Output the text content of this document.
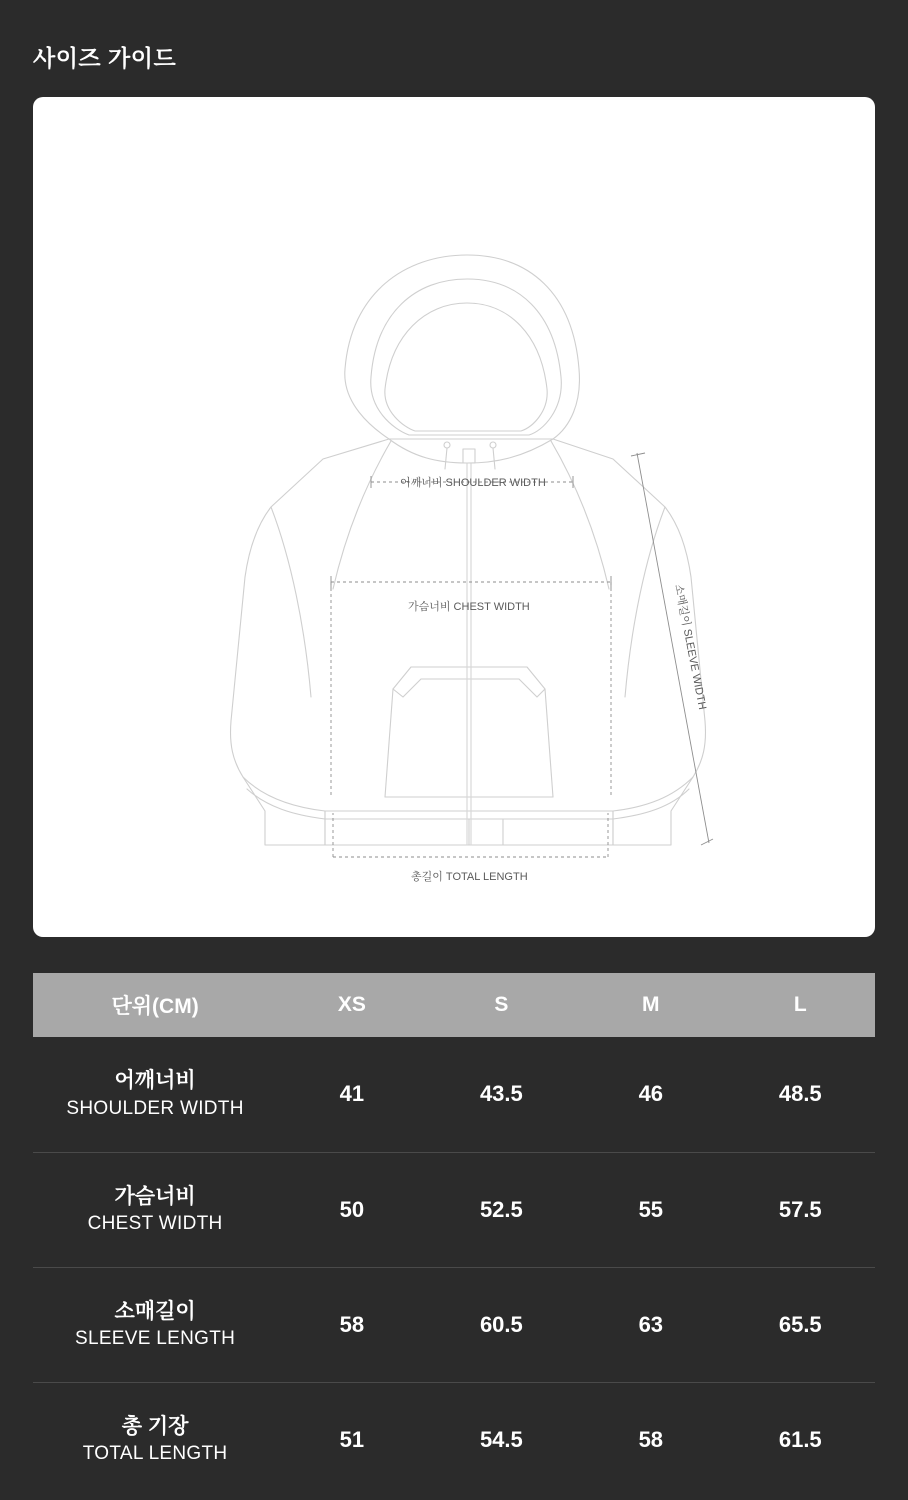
사이즈 가이드
어깨너비 SHOULDER WIDTH
가슴너비 CHEST WIDTH
총길이 TOTAL LENGTH
소매길이 SLEEVE WIDTH
단위(CM)	XS	S	M	L

어깨너비
SHOULDER WIDTH	41	43.5	46	48.5

가슴너비
CHEST WIDTH	50	52.5	55	57.5

소매길이
SLEEVE LENGTH	58	60.5	63	65.5

총 기장
TOTAL LENGTH	51	54.5	58	61.5
